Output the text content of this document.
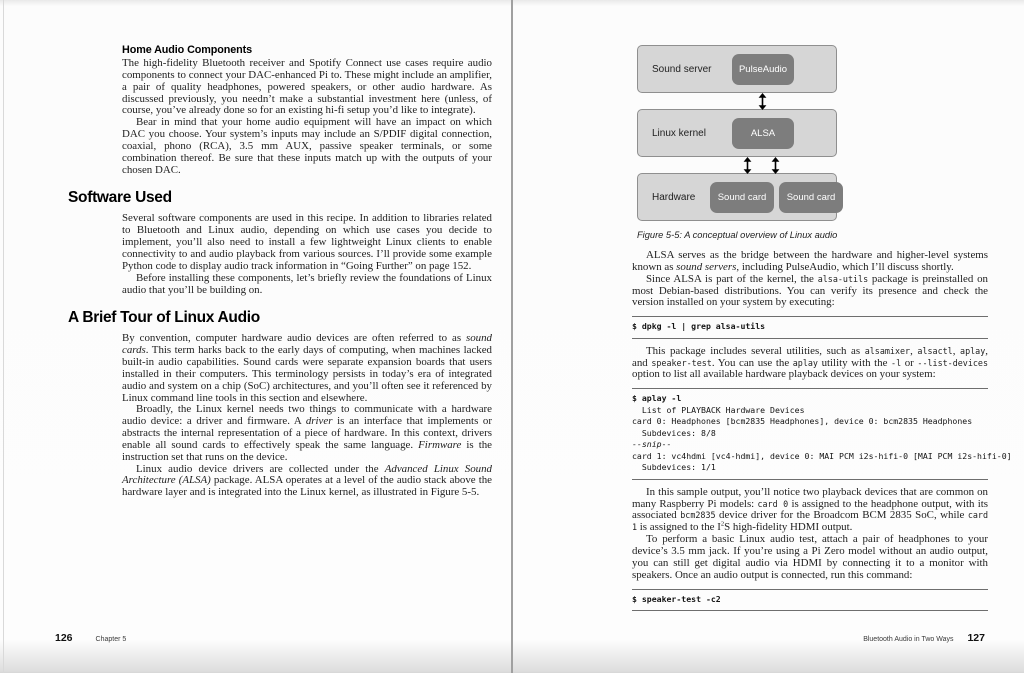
Home Audio Components

The high-fidelity Bluetooth receiver and Spotify Connect use cases require audio components to connect your DAC-enhanced Pi to. These might include an amplifier, a pair of quality headphones, powered speakers, or other audio hardware. As discussed previously, you needn’t make a substantial investment here (unless, of course, you’ve already done so for an existing hi-fi setup you’d like to integrate).

Bear in mind that your home audio equipment will have an impact on which DAC you choose. Your system’s inputs may include an S/PDIF digital connection, coaxial, phono (RCA), 3.5 mm AUX, passive speaker terminals, or some combination thereof. Be sure that these inputs match up with the outputs of your chosen DAC.

Software Used

Several software components are used in this recipe. In addition to libraries related to Bluetooth and Linux audio, depending on which use cases you decide to implement, you’ll also need to install a few lightweight Linux clients to enable connectivity to and audio playback from various sources. I’ll provide some example Python code to display audio track information in “Going Further” on page 152.

Before installing these components, let’s briefly review the foundations of Linux audio that you’ll be building on.

A Brief Tour of Linux Audio

By convention, computer hardware audio devices are often referred to as sound cards. This term harks back to the early days of computing, when machines lacked built-in audio capabilities. Sound cards were separate expansion boards that users installed in their computers. This terminology persists in today’s era of integrated audio and system on a chip (SoC) architectures, and you’ll often see it referenced by Linux command line tools in this section and elsewhere.

Broadly, the Linux kernel needs two things to communicate with a hardware audio device: a driver and firmware. A driver is an interface that implements or abstracts the internal representation of a piece of hardware. In this context, drivers enable all sound cards to effectively speak the same language. Firmware is the instruction set that runs on the device.

Linux audio device drivers are collected under the Advanced Linux Sound Architecture (ALSA) package. ALSA operates at a level of the audio stack above the hardware layer and is integrated into the Linux kernel, as illustrated in Figure 5-5.

126	Chapter 5
Sound server	PulseAudio
Linux kernel	ALSA
Hardware	Sound card	Sound card
Figure 5-5: A conceptual overview of Linux audio

ALSA serves as the bridge between the hardware and higher-level systems known as sound servers, including PulseAudio, which I’ll discuss shortly.

Since ALSA is part of the kernel, the alsa-utils package is preinstalled on most Debian-based distributions. You can verify its presence and check the version installed on your system by executing:

$ dpkg -l | grep alsa-utils

This package includes several utilities, such as alsamixer, alsactl, aplay, and speaker-test. You can use the aplay utility with the -l or --list-devices option to list all available hardware playback devices on your system:

$ aplay -l
List of PLAYBACK Hardware Devices
card 0: Headphones [bcm2835 Headphones], device 0: bcm2835 Headphones
Subdevices: 8/8
--snip--
card 1: vc4hdmi [vc4-hdmi], device 0: MAI PCM i2s-hifi-0 [MAI PCM i2s-hifi-0]
Subdevices: 1/1

In this sample output, you’ll notice two playback devices that are common on many Raspberry Pi models: card 0 is assigned to the headphone output, with its associated bcm2835 device driver for the Broadcom BCM 2835 SoC, while card 1 is assigned to the $I^2S$ high-fidelity HDMI output.

To perform a basic Linux audio test, attach a pair of headphones to your device’s 3.5 mm jack. If you’re using a Pi Zero model without an audio output, you can still get digital audio via HDMI by connecting it to a monitor with speakers. Once an audio output is connected, run this command:

$ speaker-test -c2
Bluetooth Audio in Two Ways 127
